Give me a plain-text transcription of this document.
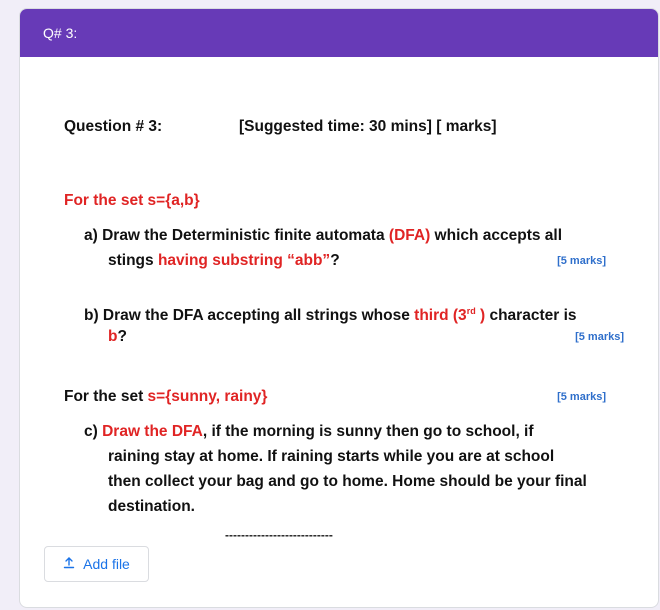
Q# 3:
Question # 3:	[Suggested time: 30 mins] [ marks]
For the set s={a,b}
a) Draw the Deterministic finite automata (DFA) which accepts all
stings having substring “abb”?	[5 marks]
b) Draw the DFA accepting all strings whose third (3rd ) character is
b?	[5 marks]
For the set s={sunny, rainy}	[5 marks]
c) Draw the DFA, if the morning is sunny then go to school, if
raining stay at home. If raining starts while you are at school
then collect your bag and go to home. Home should be your final
destination.
---------------------------
Add file
